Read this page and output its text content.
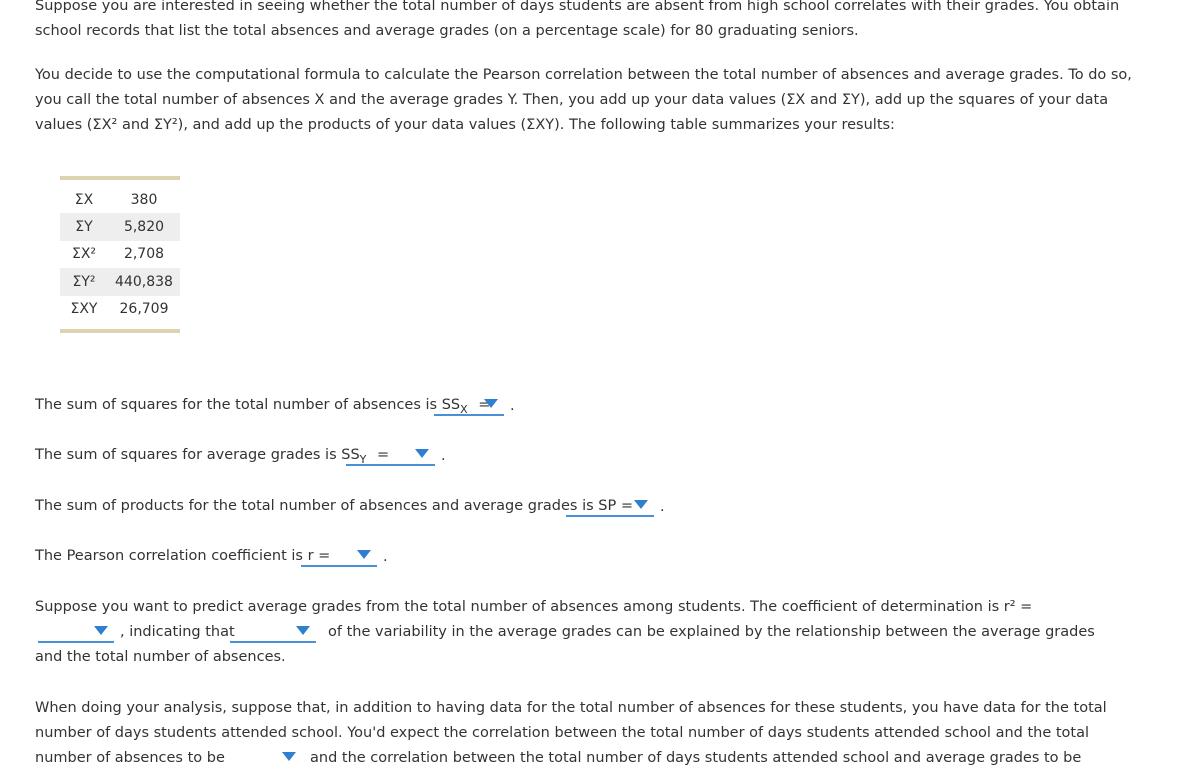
Suppose you are interested in seeing whether the total number of days students are absent from high school correlates with their grades. You obtain
school records that list the total absences and average grades (on a percentage scale) for 80 graduating seniors.
You decide to use the computational formula to calculate the Pearson correlation between the total number of absences and average grades. To do so,
you call the total number of absences X and the average grades Y. Then, you add up your data values (ΣX and ΣY), add up the squares of your data
values (ΣX² and ΣY²), and add up the products of your data values (ΣXY). The following table summarizes your results:
ΣX	380
ΣY	5,820
ΣX²	2,708
ΣY²	440,838
ΣXY	26,709
The sum of squares for the total number of absences is $SS_X$ = .
The sum of squares for average grades is $SS_Y$ =	.
The sum of products for the total number of absences and average grades is SP = .
The Pearson correlation coefficient is r =	.
Suppose you want to predict average grades from the total number of absences among students. The coefficient of determination is r² =
, indicating that	of the variability in the average grades can be explained by the relationship between the average grades
and the total number of absences.
When doing your analysis, suppose that, in addition to having data for the total number of absences for these students, you have data for the total
number of days students attended school. You'd expect the correlation between the total number of days students attended school and the total
number of absences to be	and the correlation between the total number of days students attended school and average grades to be
